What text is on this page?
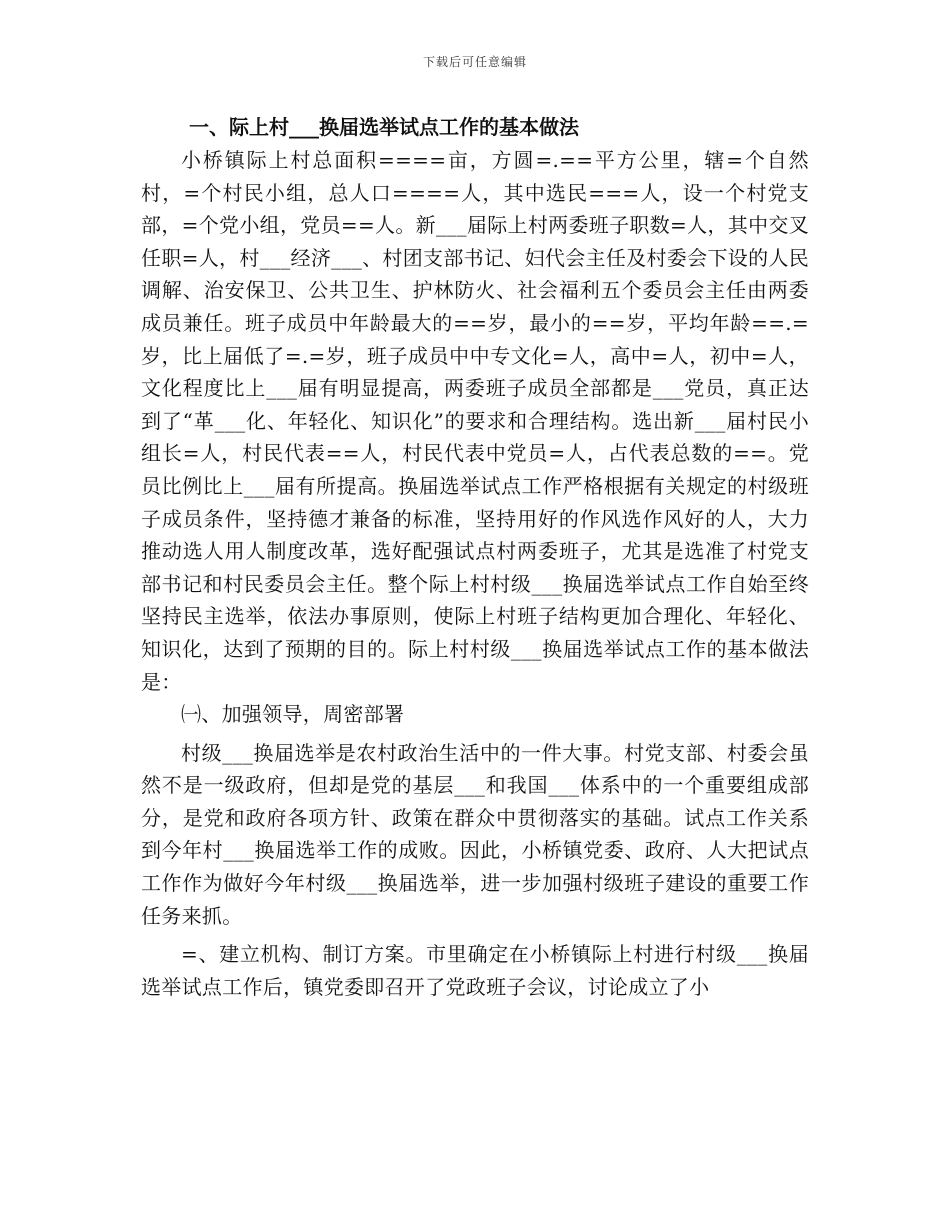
下载后可任意编辑
一、际上村___换届选举试点工作的基本做法

小桥镇际上村总面积====亩，方圆=.==平方公里，辖=个自然村，=个村民小组，总人口====人，其中选民===人，设一个村党支部，=个党小组，党员==人。新___届际上村两委班子职数=人，其中交叉任职=人，村___经济___、村团支部书记、妇代会主任及村委会下设的人民调解、治安保卫、公共卫生、护林防火、社会福利五个委员会主任由两委成员兼任。班子成员中年龄最大的==岁，最小的==岁，平均年龄==.=岁，比上届低了=.=岁，班子成员中中专文化=人，高中=人，初中=人，文化程度比上___届有明显提高，两委班子成员全部都是___党员，真正达到了“革___化、年轻化、知识化”的要求和合理结构。选出新___届村民小组长=人，村民代表==人，村民代表中党员=人，占代表总数的==。党员比例比上___届有所提高。换届选举试点工作严格根据有关规定的村级班子成员条件，坚持德才兼备的标准，坚持用好的作风选作风好的人，大力推动选人用人制度改革，选好配强试点村两委班子，尤其是选准了村党支部书记和村民委员会主任。整个际上村村级___换届选举试点工作自始至终坚持民主选举，依法办事原则，使际上村班子结构更加合理化、年轻化、知识化，达到了预期的目的。际上村村级___换届选举试点工作的基本做法是：

㈠、加强领导，周密部署

村级___换届选举是农村政治生活中的一件大事。村党支部、村委会虽然不是一级政府，但却是党的基层___和我国___体系中的一个重要组成部分，是党和政府各项方针、政策在群众中贯彻落实的基础。试点工作关系到今年村___换届选举工作的成败。因此，小桥镇党委、政府、人大把试点工作作为做好今年村级___换届选举，进一步加强村级班子建设的重要工作任务来抓。

=、建立机构、制订方案。市里确定在小桥镇际上村进行村级___换届选举试点工作后，镇党委即召开了党政班子会议，讨论成立了小
